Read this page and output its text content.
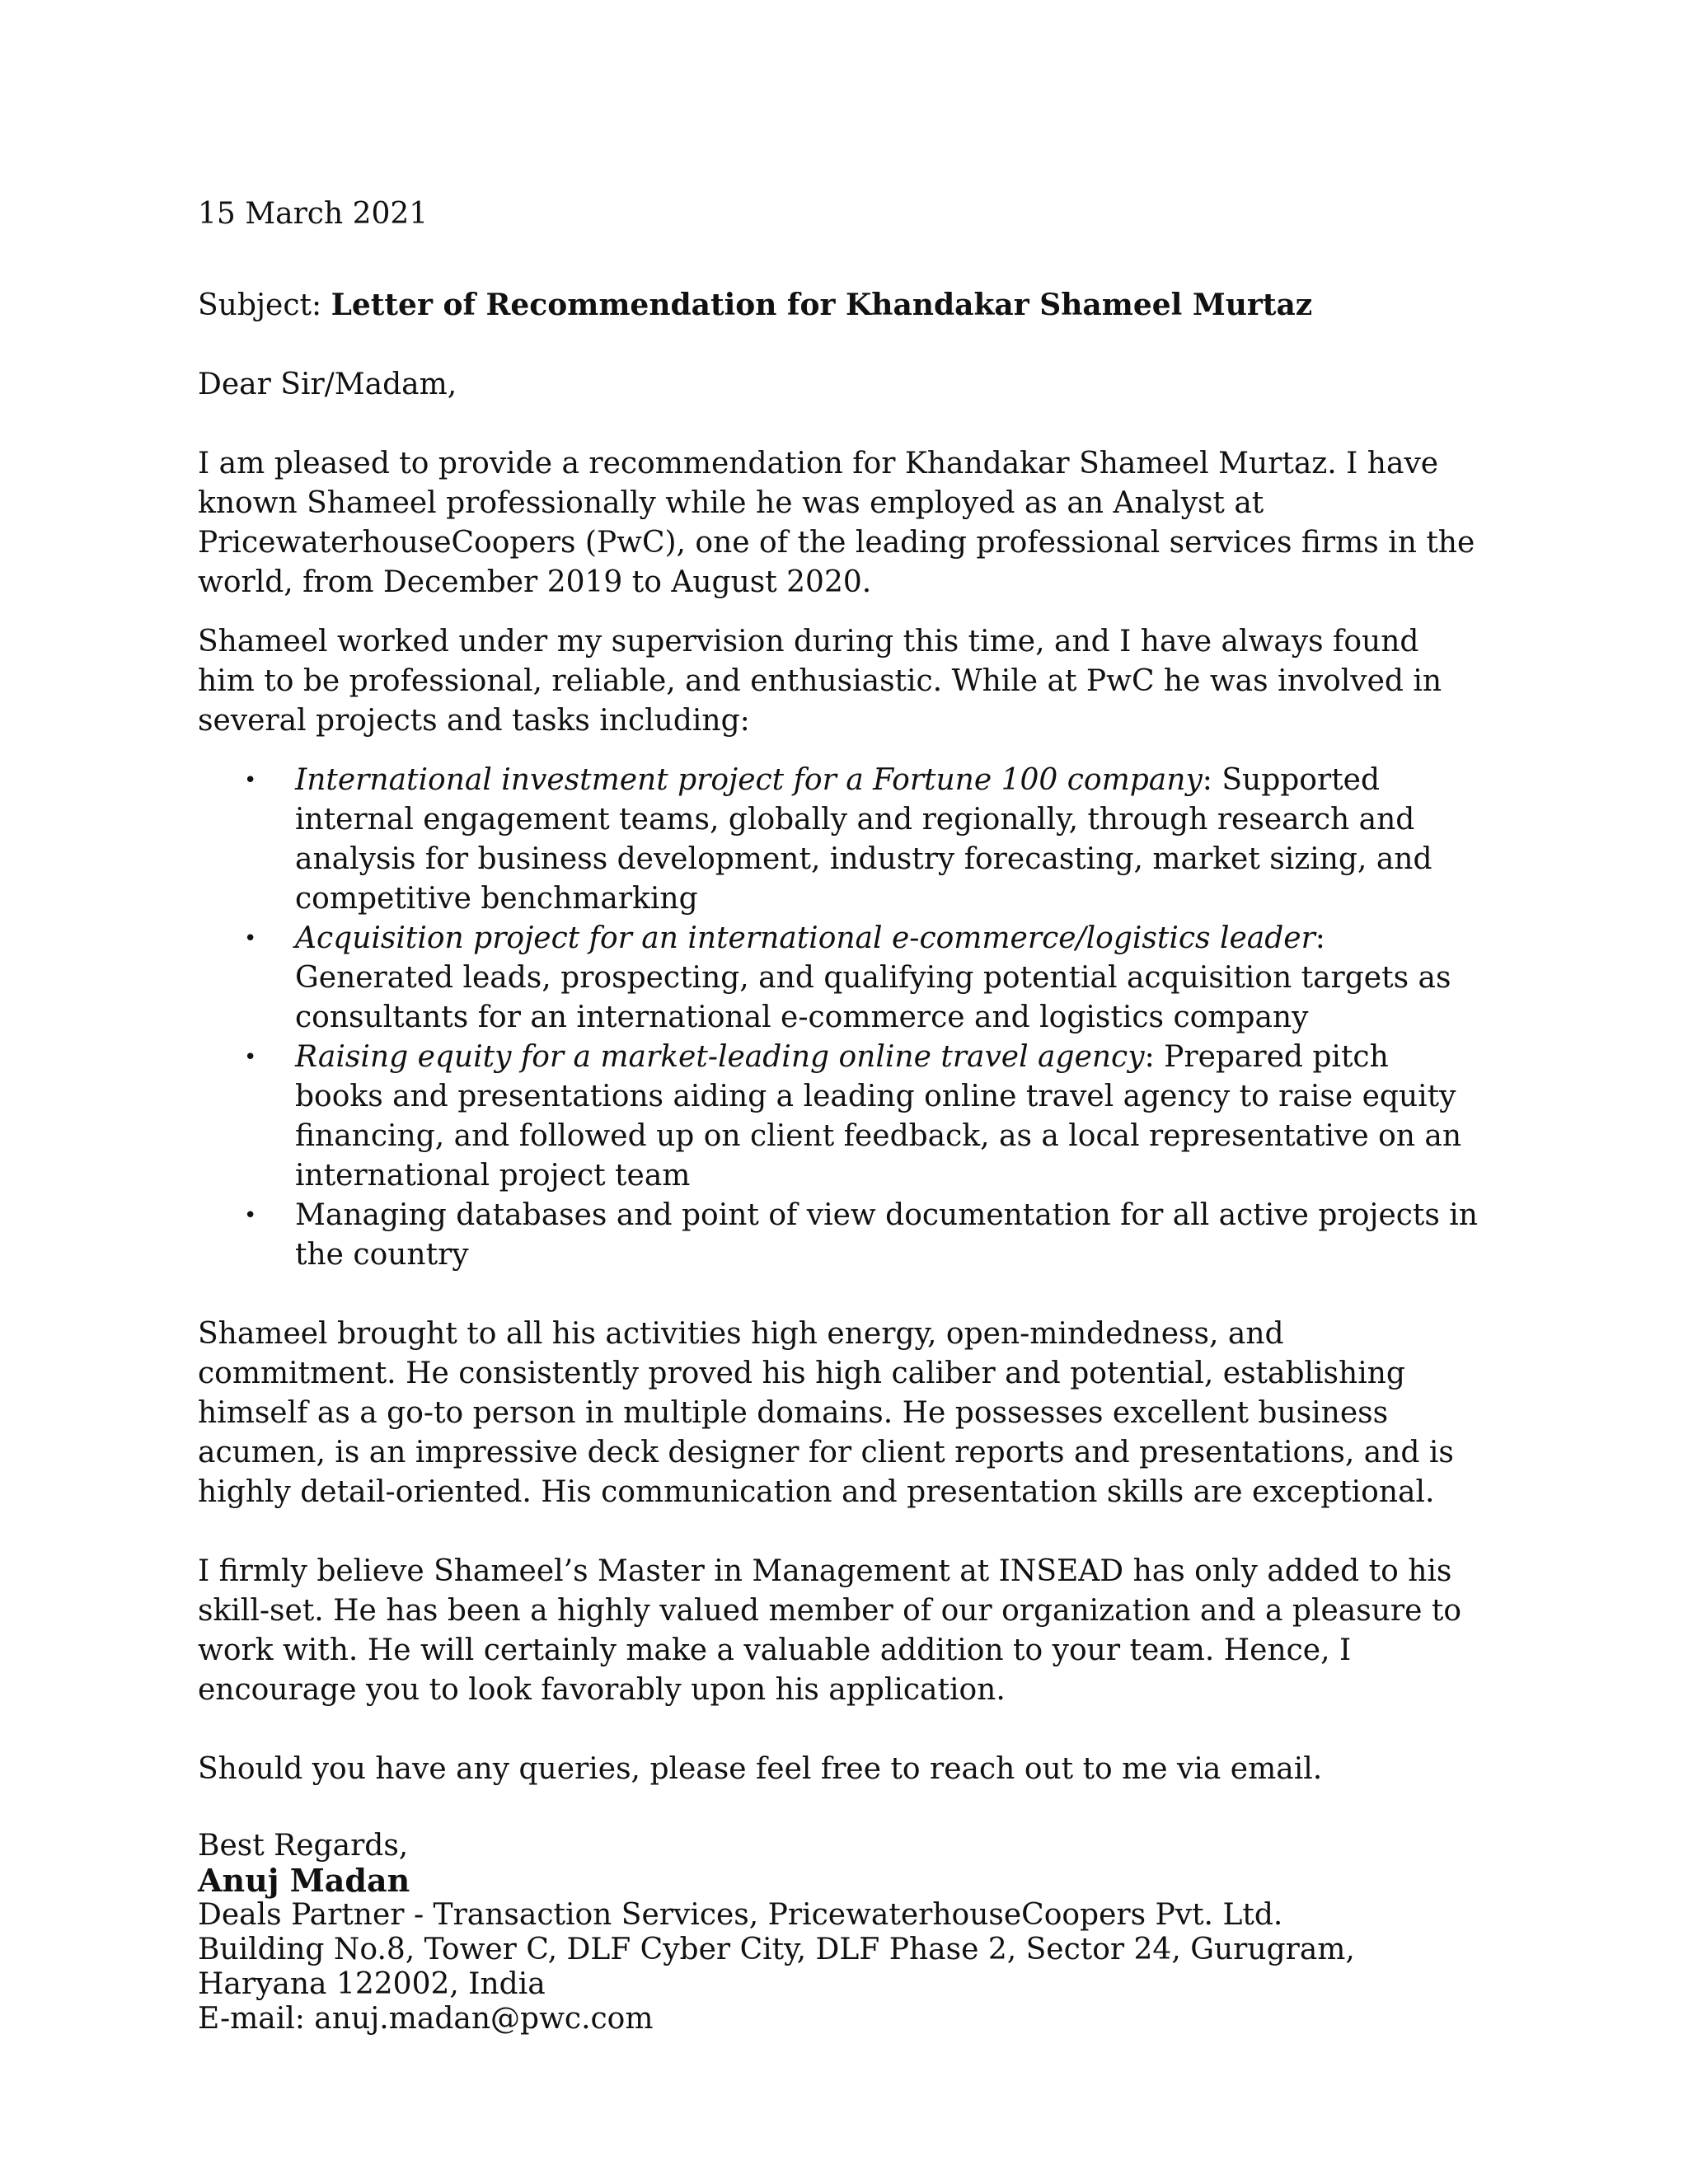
15 March 2021

Subject: Letter of Recommendation for Khandakar Shameel Murtaz

Dear Sir/Madam,

I am pleased to provide a recommendation for Khandakar Shameel Murtaz. I have known Shameel professionally while he was employed as an Analyst at PricewaterhouseCoopers (PwC), one of the leading professional services firms in the world, from December 2019 to August 2020.

Shameel worked under my supervision during this time, and I have always found him to be professional, reliable, and enthusiastic. While at PwC he was involved in several projects and tasks including:

• International investment project for a Fortune 100 company: Supported internal engagement teams, globally and regionally, through research and analysis for business development, industry forecasting, market sizing, and competitive benchmarking
• Acquisition project for an international e-commerce/logistics leader: Generated leads, prospecting, and qualifying potential acquisition targets as consultants for an international e-commerce and logistics company
• Raising equity for a market-leading online travel agency: Prepared pitch books and presentations aiding a leading online travel agency to raise equity financing, and followed up on client feedback, as a local representative on an international project team
• Managing databases and point of view documentation for all active projects in the country

Shameel brought to all his activities high energy, open-mindedness, and commitment. He consistently proved his high caliber and potential, establishing himself as a go-to person in multiple domains. He possesses excellent business acumen, is an impressive deck designer for client reports and presentations, and is highly detail-oriented. His communication and presentation skills are exceptional.

I firmly believe Shameel’s Master in Management at INSEAD has only added to his skill-set. He has been a highly valued member of our organization and a pleasure to work with. He will certainly make a valuable addition to your team. Hence, I encourage you to look favorably upon his application.

Should you have any queries, please feel free to reach out to me via email.

Best Regards,

Anuj Madan

Deals Partner - Transaction Services, PricewaterhouseCoopers Pvt. Ltd.

Building No.8, Tower C, DLF Cyber City, DLF Phase 2, Sector 24, Gurugram, Haryana 122002, India

E-mail: anuj.madan@pwc.com
